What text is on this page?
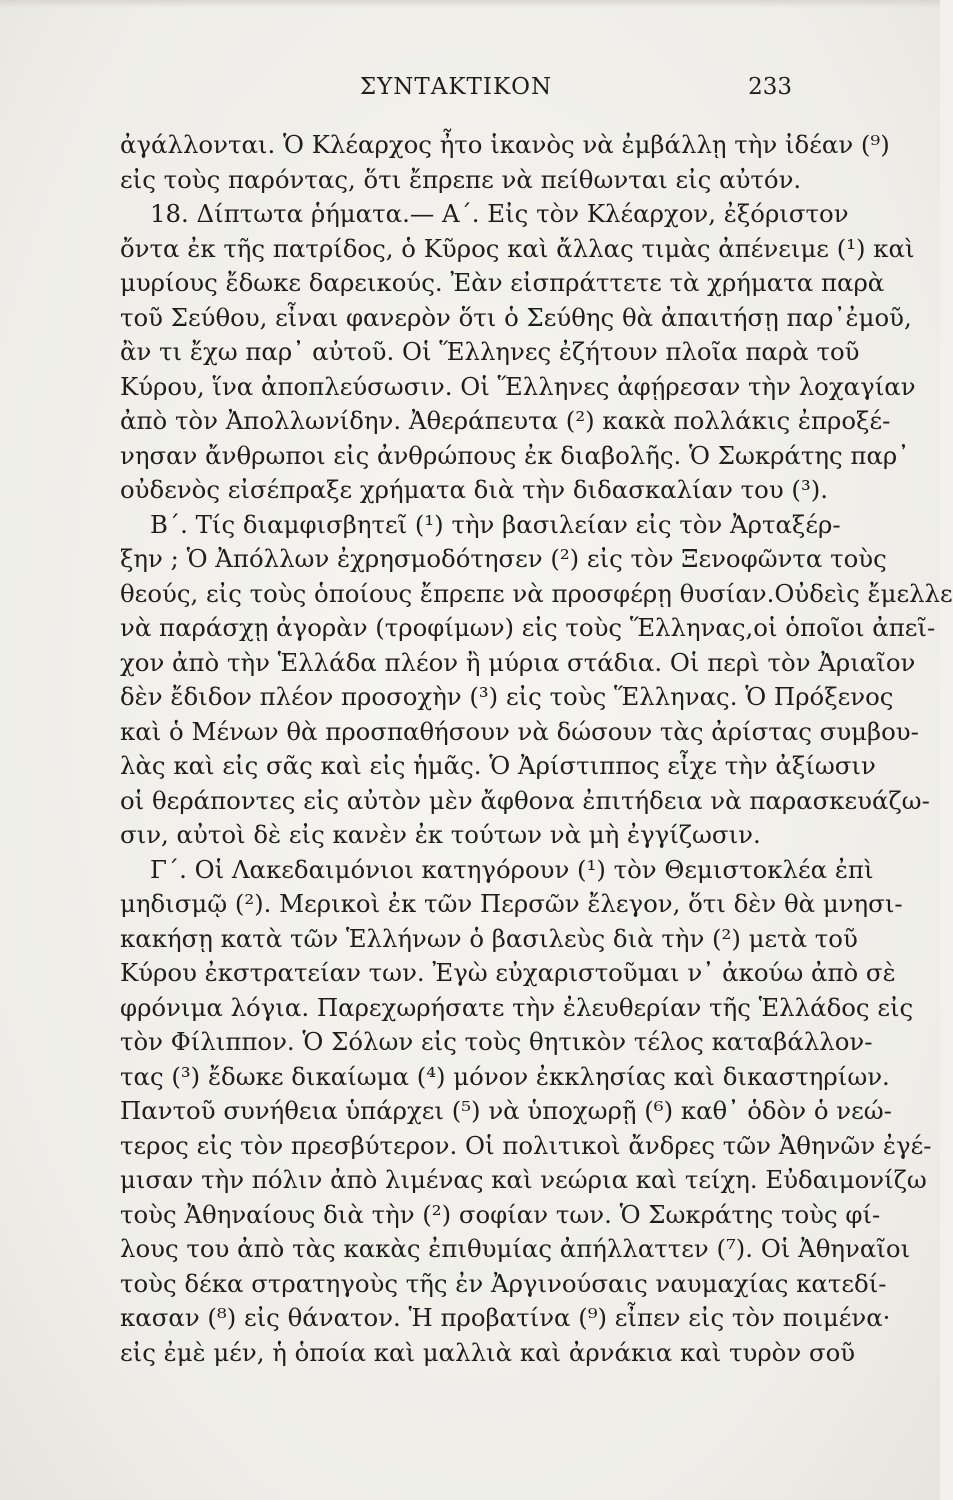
ΣΥΝΤΑΚΤΙΚΟΝ	233
ἀγάλλονται. Ὁ Κλέαρχος ἦτο ἱκανὸς νὰ ἐμβάλλῃ τὴν ἰδέαν (⁹)
εἰς τοὺς παρόντας, ὅτι ἔπρεπε νὰ πείθωνται εἰς αὐτόν.
18. Δίπτωτα ῥήματα.— Α΄. Εἰς τὸν Κλέαρχον, ἐξόριστον
ὄντα ἐκ τῆς πατρίδος, ὁ Κῦρος καὶ ἄλλας τιμὰς ἀπένειμε (¹) καὶ
μυρίους ἔδωκε δαρεικούς. Ἐὰν εἰσπράττετε τὰ χρήματα παρὰ
τοῦ Σεύθου, εἶναι φανερὸν ὅτι ὁ Σεύθης θὰ ἀπαιτήσῃ παρ᾽ἐμοῦ,
ἂν τι ἔχω παρ᾽ αὐτοῦ. Οἱ Ἕλληνες ἐζήτουν πλοῖα παρὰ τοῦ
Κύρου, ἵνα ἀποπλεύσωσιν. Οἱ Ἕλληνες ἀφῄρεσαν τὴν λοχαγίαν
ἀπὸ τὸν Ἀπολλωνίδην. Ἀθεράπευτα (²) κακὰ πολλάκις ἐπροξέ-
νησαν ἄνθρωποι εἰς ἀνθρώπους ἐκ διαβολῆς. Ὁ Σωκράτης παρ᾽
οὐδενὸς εἰσέπραξε χρήματα διὰ τὴν διδασκαλίαν του (³).
Β΄. Τίς διαμφισβητεῖ (¹) τὴν βασιλείαν εἰς τὸν Ἀρταξέρ-
ξην ; Ὁ Ἀπόλλων ἐχρησμοδότησεν (²) εἰς τὸν Ξενοφῶντα τοὺς
θεούς, εἰς τοὺς ὁποίους ἔπρεπε νὰ προσφέρῃ θυσίαν.Οὐδεὶς ἔμελλε
νὰ παράσχῃ ἀγορὰν (τροφίμων) εἰς τοὺς Ἕλληνας,οἱ ὁποῖοι ἀπεῖ-
χον ἀπὸ τὴν Ἑλλάδα πλέον ἢ μύρια στάδια. Οἱ περὶ τὸν Ἀριαῖον
δὲν ἔδιδον πλέον προσοχὴν (³) εἰς τοὺς Ἕλληνας. Ὁ Πρόξενος
καὶ ὁ Μένων θὰ προσπαθήσουν νὰ δώσουν τὰς ἀρίστας συμβου-
λὰς καὶ εἰς σᾶς καὶ εἰς ἡμᾶς. Ὁ Ἀρίστιππος εἶχε τὴν ἀξίωσιν
οἱ θεράποντες εἰς αὐτὸν μὲν ἄφθονα ἐπιτήδεια νὰ παρασκευάζω-
σιν, αὐτοὶ δὲ εἰς κανὲν ἐκ τούτων νὰ μὴ ἐγγίζωσιν.
Γ΄. Οἱ Λακεδαιμόνιοι κατηγόρουν (¹) τὸν Θεμιστοκλέα ἐπὶ
μηδισμῷ (²). Μερικοὶ ἐκ τῶν Περσῶν ἔλεγον, ὅτι δὲν θὰ μνησι-
κακήσῃ κατὰ τῶν Ἑλλήνων ὁ βασιλεὺς διὰ τὴν (²) μετὰ τοῦ
Κύρου ἐκστρατείαν των. Ἐγὼ εὐχαριστοῦμαι ν᾽ ἀκούω ἀπὸ σὲ
φρόνιμα λόγια. Παρεχωρήσατε τὴν ἐλευθερίαν τῆς Ἑλλάδος εἰς
τὸν Φίλιππον. Ὁ Σόλων εἰς τοὺς θητικὸν τέλος καταβάλλον-
τας (³) ἔδωκε δικαίωμα (⁴) μόνον ἐκκλησίας καὶ δικαστηρίων.
Παντοῦ συνήθεια ὑπάρχει (⁵) νὰ ὑποχωρῇ (⁶) καθ᾽ ὁδὸν ὁ νεώ-
τερος εἰς τὸν πρεσβύτερον. Οἱ πολιτικοὶ ἄνδρες τῶν Ἀθηνῶν ἐγέ-
μισαν τὴν πόλιν ἀπὸ λιμένας καὶ νεώρια καὶ τείχη. Εὐδαιμονίζω
τοὺς Ἀθηναίους διὰ τὴν (²) σοφίαν των. Ὁ Σωκράτης τοὺς φί-
λους του ἀπὸ τὰς κακὰς ἐπιθυμίας ἀπήλλαττεν (⁷). Οἱ Ἀθηναῖοι
τοὺς δέκα στρατηγοὺς τῆς ἐν Ἀργινούσαις ναυμαχίας κατεδί-
κασαν (⁸) εἰς θάνατον. Ἡ προβατίνα (⁹) εἶπεν εἰς τὸν ποιμένα·
εἰς ἐμὲ μέν, ἡ ὁποία καὶ μαλλιὰ καὶ ἀρνάκια καὶ τυρὸν σοῦ
